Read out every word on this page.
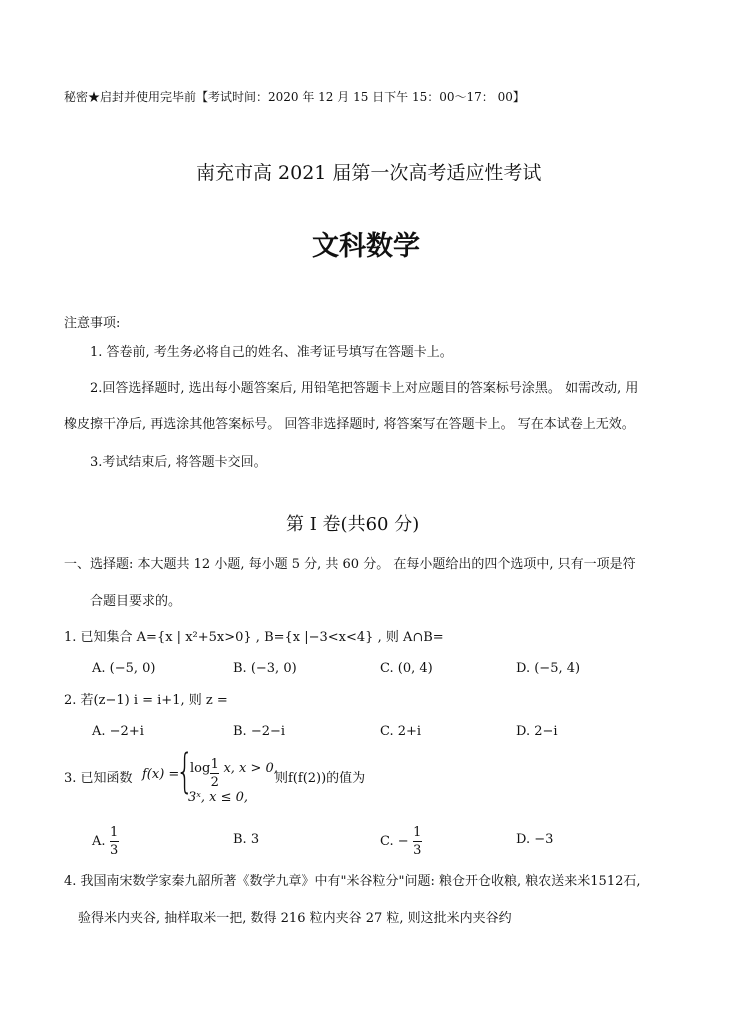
秘密★启封并使用完毕前【考试时间：2020 年 12 月 15 日下午 15：00～17： 00】
南充市高 2021 届第一次高考适应性考试
文科数学
注意事项:
1. 答卷前, 考生务必将自己的姓名、准考证号填写在答题卡上。
2.回答选择题时, 选出每小题答案后, 用铅笔把答题卡上对应题目的答案标号涂黑。 如需改动, 用
橡皮擦干净后, 再选涂其他答案标号。 回答非选择题时, 将答案写在答题卡上。 写在本试卷上无效。
3.考试结束后, 将答题卡交回。
第 I 卷(共60 分)
一、选择题: 本大题共 12 小题, 每小题 5 分, 共 60 分。 在每小题给出的四个选项中, 只有一项是符
合题目要求的。
1. 已知集合 A={x | x²+5x>0} , B={x |−3<x<4} , 则 A∩B=
A. (−5, 0)	B. (−3, 0)	C. (0, 4)	D. (−5, 4)
2. 若(z−1) i = i+1, 则 z =
A. −2+i	B. −2−i	C. 2+i	D. 2−i
3. 已知函数 f(x) =
{
log $_{\frac{1}{2}}$ x, x > 0,
3ˣ, x ≤ 0,
则f(f(2))的值为
A. $\frac{1}{3}$	B. 3	C. − $\frac{1}{3}$	D. −3
4. 我国南宋数学家秦九韶所著《数学九章》中有"米谷粒分"问题: 粮仓开仓收粮, 粮农送来米1512石,
验得米内夹谷, 抽样取米一把, 数得 216 粒内夹谷 27 粒, 则这批米内夹谷约
